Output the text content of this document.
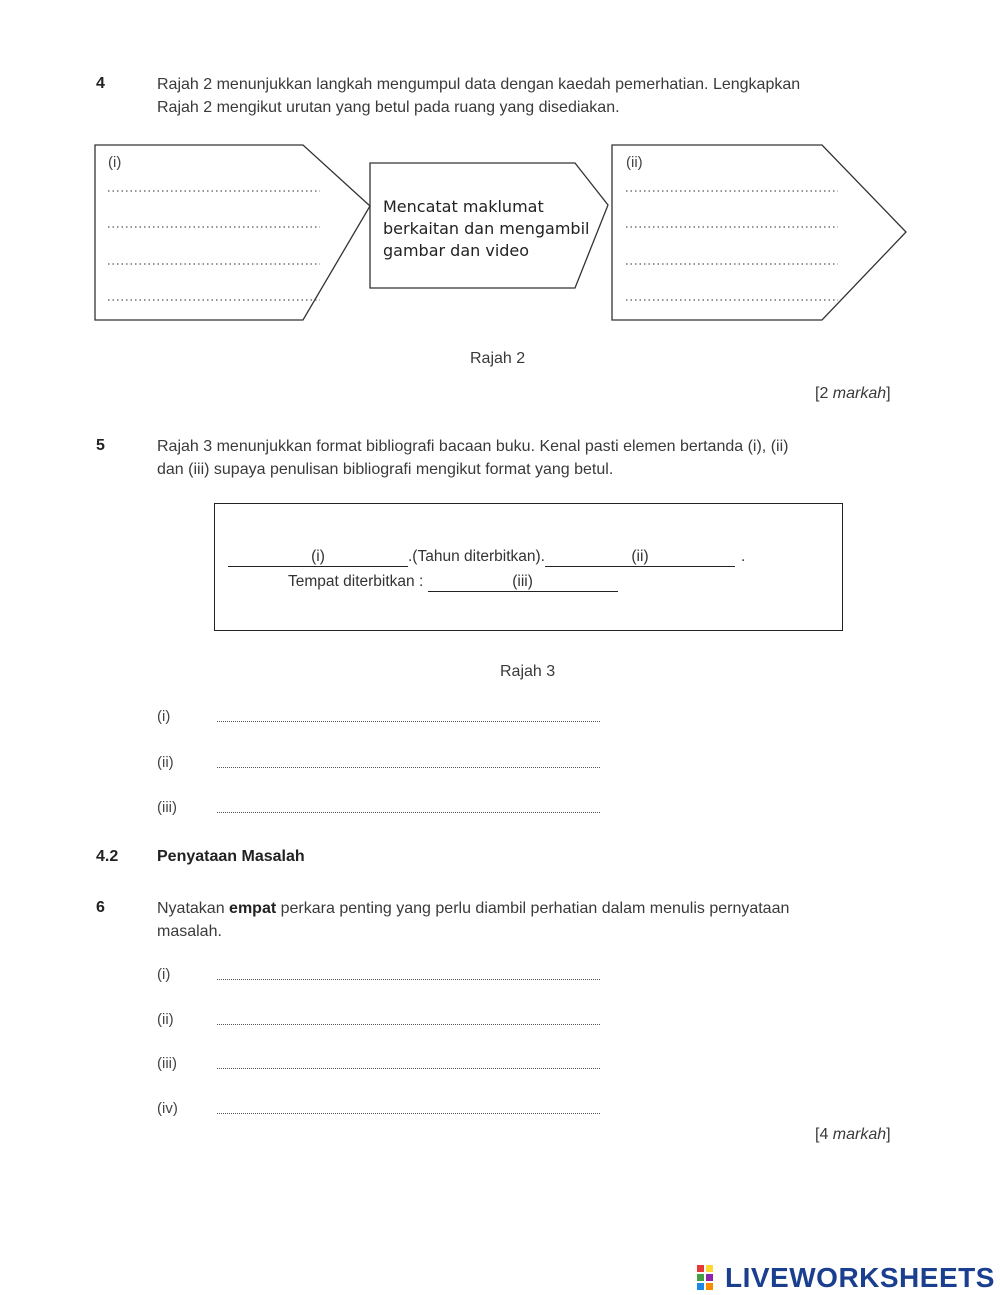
4	Rajah 2 menunjukkan langkah mengumpul data dengan kaedah pemerhatian. Lengkapkan
Rajah 2 mengikut urutan yang betul pada ruang yang disediakan.
(i)	(ii)
Mencatat maklumat
berkaitan dan mengambil
gambar dan video
Rajah 2
[2 markah]
5	Rajah 3 menunjukkan format bibliografi bacaan buku. Kenal pasti elemen bertanda (i), (ii)
dan (iii) supaya penulisan bibliografi mengikut format yang betul.
(i)	.(Tahun diterbitkan).	(ii)	.
Tempat diterbitkan :	(iii)
Rajah 3
(i)
(ii)
(iii)
4.2 Penyataan Masalah
6	Nyatakan empat perkara penting yang perlu diambil perhatian dalam menulis pernyataan
masalah.
(i)
(ii)
(iii)
(iv)
[4 markah]
LIVEWORKSHEETS
